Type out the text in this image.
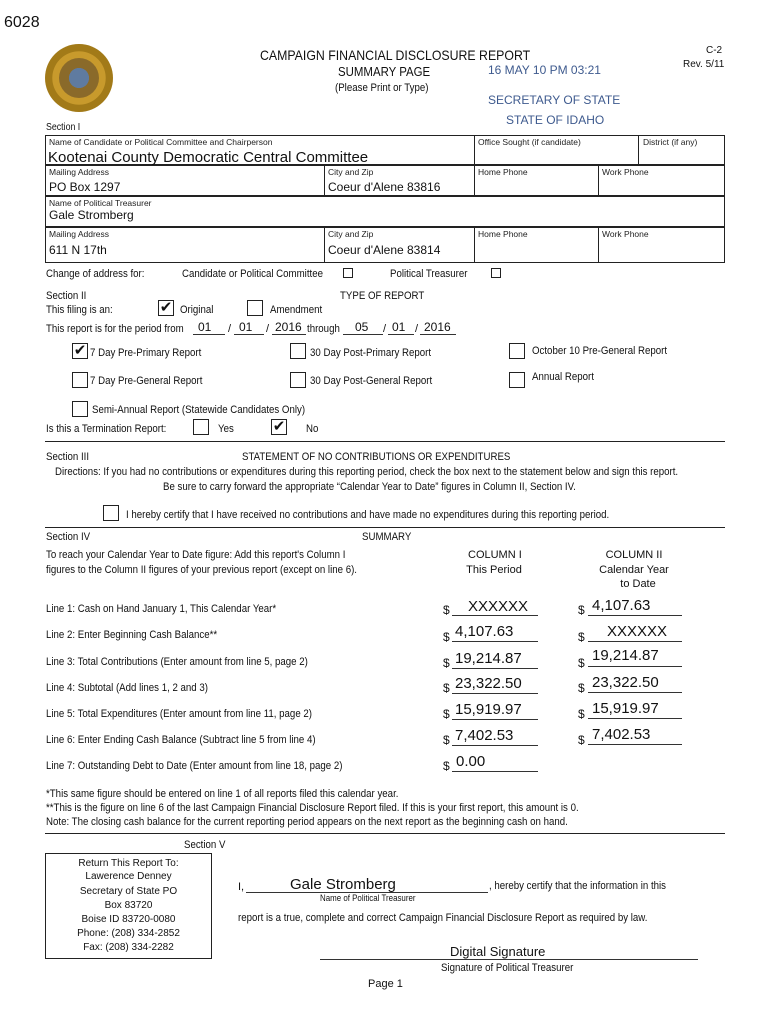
6028
CAMPAIGN FINANCIAL DISCLOSURE REPORT
SUMMARY PAGE
(Please Print or Type)
C-2
Rev. 5/11
16 MAY 10 PM 03:21
SECRETARY OF STATE
STATE OF IDAHO
Section I
Name of Candidate or Political Committee and Chairperson
Kootenai County Democratic Central Committee
Office Sought (if candidate)	District (if any)
Mailing Address
PO Box 1297
City and Zip
Coeur d'Alene 83816
Home Phone	Work Phone
Name of Political Treasurer
Gale Stromberg
Mailing Address
611 N 17th
City and Zip
Coeur d'Alene 83814
Home Phone	Work Phone
Change of address for:	Candidate or Political Committee	Political Treasurer
Section II	TYPE OF REPORT
This filing is an:	✔ Original	Amendment
This report is for the period from	01 / 01 / 2016 through	05 / 01 / 2016
✔ 7 Day Pre-Primary Report	30 Day Post-Primary Report	October 10 Pre-General Report
7 Day Pre-General Report	30 Day Post-General Report	Annual Report
Semi-Annual Report (Statewide Candidates Only)
Is this a Termination Report:	Yes	✔ No
Section III	STATEMENT OF NO CONTRIBUTIONS OR EXPENDITURES
Directions: If you had no contributions or expenditures during this reporting period, check the box next to the statement below and sign this report.
Be sure to carry forward the appropriate “Calendar Year to Date” figures in Column II, Section IV.
I hereby certify that I have received no contributions and have made no expenditures during this reporting period.
Section IV	SUMMARY
To reach your Calendar Year to Date figure: Add this report's Column I
figures to the Column II figures of your previous report (except on line 6).
COLUMN I
This Period
COLUMN II
Calendar Year
to Date
Line 1: Cash on Hand January 1, This Calendar Year*	$ XXXXXX	$ 4,107.63
Line 2: Enter Beginning Cash Balance**	$ 4,107.63	$ XXXXXX
Line 3: Total Contributions (Enter amount from line 5, page 2)	$ 19,214.87	$ 19,214.87
Line 4: Subtotal (Add lines 1, 2 and 3)	$ 23,322.50	$ 23,322.50
Line 5: Total Expenditures (Enter amount from line 11, page 2)	$ 15,919.97	$ 15,919.97
Line 6: Enter Ending Cash Balance (Subtract line 5 from line 4)	$ 7,402.53	$ 7,402.53
Line 7: Outstanding Debt to Date (Enter amount from line 18, page 2)	$ 0.00
*This same figure should be entered on line 1 of all reports filed this calendar year.
**This is the figure on line 6 of the last Campaign Financial Disclosure Report filed. If this is your first report, this amount is 0.
Note: The closing cash balance for the current reporting period appears on the next report as the beginning cash on hand.
Section V
Return This Report To:
Lawerence Denney
Secretary of State PO
Box 83720
Boise ID 83720-0080
Phone: (208) 334-2852
Fax: (208) 334-2282
I,	Gale Stromberg	, hereby certify that the information in this
Name of Political Treasurer
report is a true, complete and correct Campaign Financial Disclosure Report as required by law.
Digital Signature
Signature of Political Treasurer
Page 1
